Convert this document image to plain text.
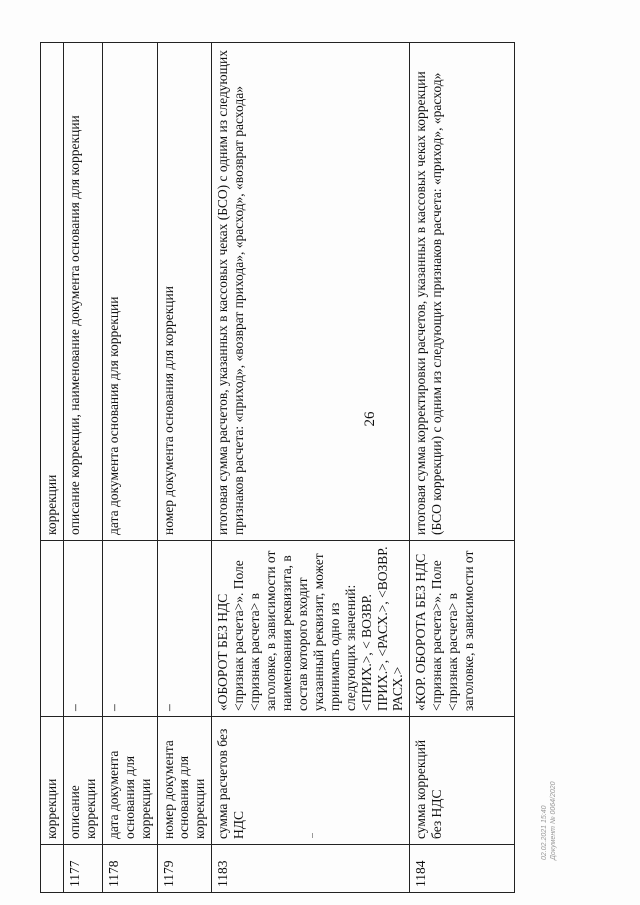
26
	коррекции		коррекции
1177	описание коррекции	–	описание коррекции, наименование документа основания для коррекции
1178	дата документа основания для коррекции	–	дата документа основания для коррекции
1179	номер документа основания для коррекции	–	номер документа основания для коррекции
1183	сумма расчетов без НДС	«ОБОРОТ БЕЗ НДС <признак расчета>». Поле <признак расчета> в заголовке, в зависимости от наименования реквизита, в состав которого входит указанный реквизит, может принимать одно из следующих значений: <ПРИХ.>, < ВОЗВР. ПРИХ.>, <РАСХ.>, <ВОЗВР. РАСХ.>	итоговая сумма расчетов, указанных в кассовых чеках (БСО) с одним из следующих признаков расчета: «приход», «возврат прихода», «расход», «возврат расхода»
1184	сумма коррекций без НДС	«КОР. ОБОРОТА БЕЗ НДС <признак расчета>». Поле <признак расчета> в заголовке, в зависимости от	итоговая сумма корректировки расчетов, указанных в кассовых чеках коррекции (БСО коррекции) с одним из следующих признаков расчета: «приход», «расход»
02.02.2021 15:40 Документ № 0064/2020
